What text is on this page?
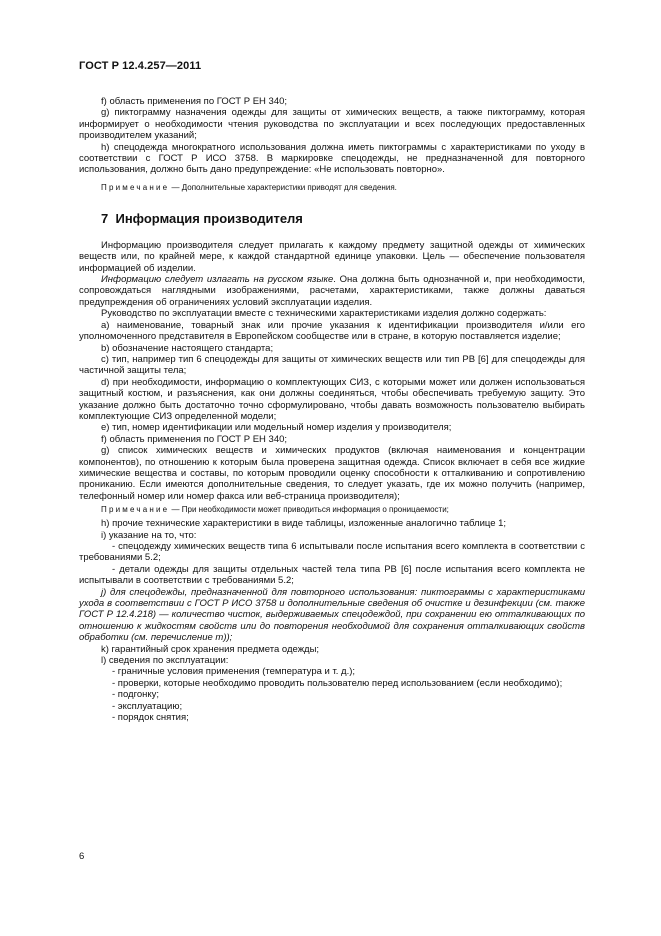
ГОСТ Р 12.4.257—2011

f) область применения по ГОСТ Р ЕН 340;

g) пиктограмму назначения одежды для защиты от химических веществ, а также пиктограмму, которая информирует о необходимости чтения руководства по эксплуатации и всех последующих предоставленных производителем указаний;

h) спецодежда многократного использования должна иметь пиктограммы с характеристиками по уходу в соответствии с ГОСТ Р ИСО 3758. В маркировке спецодежды, не предназначенной для повторного использования, должно быть дано предупреждение: «Не использовать повторно».

Примечание — Дополнительные характеристики приводят для сведения.

7 Информация производителя

Информацию производителя следует прилагать к каждому предмету защитной одежды от химических веществ или, по крайней мере, к каждой стандартной единице упаковки. Цель — обеспечение пользователя информацией об изделии.

Информацию следует излагать на русском языке. Она должна быть однозначной и, при необходимости, сопровождаться наглядными изображениями, расчетами, характеристиками, также должны даваться предупреждения об ограничениях условий эксплуатации изделия.

Руководство по эксплуатации вместе с техническими характеристиками изделия должно содержать:

a) наименование, товарный знак или прочие указания к идентификации производителя и/или его уполномоченного представителя в Европейском сообществе или в стране, в которую поставляется изделие;

b) обозначение настоящего стандарта;

c) тип, например тип 6 спецодежды для защиты от химических веществ или тип PB [6] для спецодежды для частичной защиты тела;

d) при необходимости, информацию о комплектующих СИЗ, с которыми может или должен использоваться защитный костюм, и разъяснения, как они должны соединяться, чтобы обеспечивать требуемую защиту. Это указание должно быть достаточно точно сформулировано, чтобы давать возможность пользователю выбирать комплектующие СИЗ определенной модели;

e) тип, номер идентификации или модельный номер изделия у производителя;

f) область применения по ГОСТ Р ЕН 340;

g) список химических веществ и химических продуктов (включая наименования и концентрации компонентов), по отношению к которым была проверена защитная одежда. Список включает в себя все жидкие химические вещества и составы, по которым проводили оценку способности к отталкиванию и сопротивлению прониканию. Если имеются дополнительные сведения, то следует указать, где их можно получить (например, телефонный номер или номер факса или веб-страница производителя);

Примечание — При необходимости может приводиться информация о проницаемости;

h) прочие технические характеристики в виде таблицы, изложенные аналогично таблице 1;

i) указание на то, что:

- спецодежду химических веществ типа 6 испытывали после испытания всего комплекта в соответствии с требованиями 5.2;

- детали одежды для защиты отдельных частей тела типа PB [6] после испытания всего комплекта не испытывали в соответствии с требованиями 5.2;

j) для спецодежды, предназначенной для повторного использования: пиктограммы с характеристиками ухода в соответствии с ГОСТ Р ИСО 3758 и дополнительные сведения об очистке и дезинфекции (см. также ГОСТ Р 12.4.218) — количество чисток, выдерживаемых спецодеждой, при сохранении ею отталкивающих по отношению к жидкостям свойств или до повторения необходимой для сохранения отталкивающих свойств обработки (см. перечисление m));

k) гарантийный срок хранения предмета одежды;

l) сведения по эксплуатации:

- граничные условия применения (температура и т. д.);

- проверки, которые необходимо проводить пользователю перед использованием (если необходимо);

- подгонку;

- эксплуатацию;

- порядок снятия;

6
